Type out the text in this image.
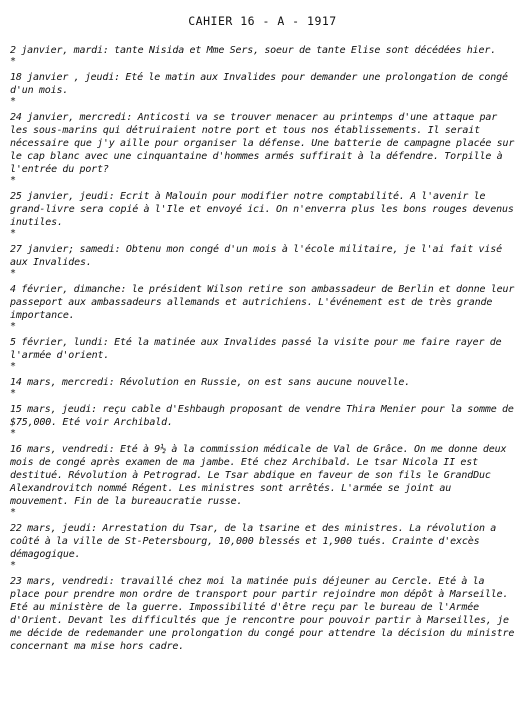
CAHIER 16 - A - 1917

2 janvier, mardi: tante Nisida et Mme Sers, soeur de tante Elise sont décédées hier.

*

18 janvier , jeudi: Eté le matin aux Invalides pour demander une prolongation de congé d'un mois.

*

24 janvier, mercredi: Anticosti va se trouver menacer au printemps d'une attaque par les sous-marins qui détruiraient notre port et tous nos établissements. Il serait nécessaire que j'y aille pour organiser la défense. Une batterie de campagne placée sur le cap blanc avec une cinquantaine d'hommes armés suffirait à la défendre. Torpille à l'entrée du port?

*

25 janvier, jeudi: Ecrit à Malouin pour modifier notre comptabilité. A l'avenir le grand-livre sera copié à l'Ile et envoyé ici. On n'enverra plus les bons rouges devenus inutiles.

*

27 janvier; samedi: Obtenu mon congé d'un mois à l'école militaire, je l'ai fait visé aux Invalides.

*

4 février, dimanche: le président Wilson retire son ambassadeur de Berlin et donne leur passeport aux ambassadeurs allemands et autrichiens. L'événement est de très grande importance.

*

5 février, lundi: Eté la matinée aux Invalides passé la visite pour me faire rayer de l'armée d'orient.

*

14 mars, mercredi: Révolution en Russie, on est sans aucune nouvelle.

*

15 mars, jeudi: reçu cable d'Eshbaugh proposant de vendre Thira Menier pour la somme de $75,000. Eté voir Archibald.

*

16 mars, vendredi: Eté à 9½ à la commission médicale de Val de Grâce. On me donne deux mois de congé après examen de ma jambe. Eté chez Archibald. Le tsar Nicola II est destitué. Révolution à Petrograd. Le Tsar abdique en faveur de son fils le GrandDuc Alexandrovitch nommé Régent. Les ministres sont arrêtés. L'armée se joint au mouvement. Fin de la bureaucratie russe.

*

22 mars, jeudi: Arrestation du Tsar, de la tsarine et des ministres. La révolution a coûté à la ville de St-Petersbourg, 10,000 blessés et 1,900 tués. Crainte d'excès démagogique.

*

23 mars, vendredi: travaillé chez moi la matinée puis déjeuner au Cercle. Eté à la place pour prendre mon ordre de transport pour partir rejoindre mon dépôt à Marseille. Eté au ministère de la guerre. Impossibilité d'être reçu par le bureau de l'Armée d'Orient. Devant les difficultés que je rencontre pour pouvoir partir à Marseilles, je me décide de redemander une prolongation du congé pour attendre la décision du ministre concernant ma mise hors cadre.
